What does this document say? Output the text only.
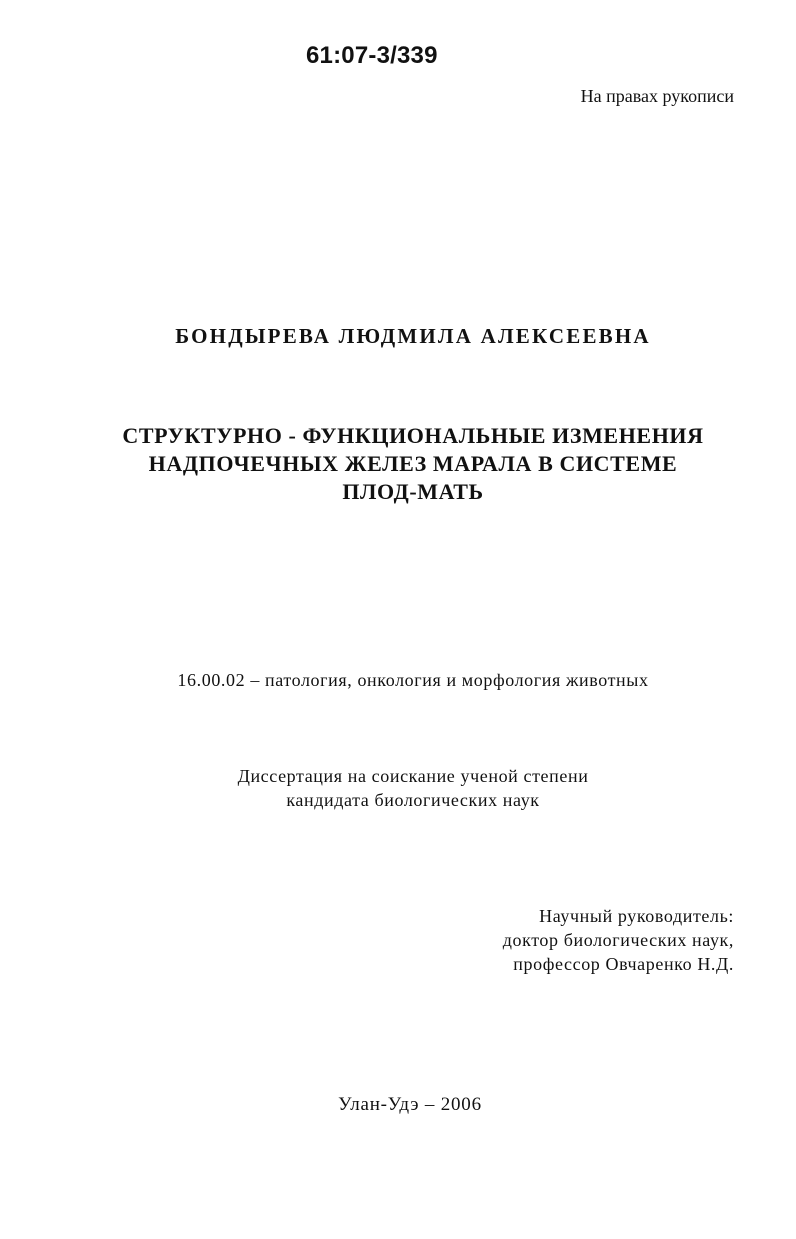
61:07-3/339
На правах рукописи
БОНДЫРЕВА ЛЮДМИЛА АЛЕКСЕЕВНА
СТРУКТУРНО - ФУНКЦИОНАЛЬНЫЕ ИЗМЕНЕНИЯ
НАДПОЧЕЧНЫХ ЖЕЛЕЗ МАРАЛА В СИСТЕМЕ
ПЛОД-МАТЬ
16.00.02 – патология, онкология и морфология животных
Диссертация на соискание ученой степени
кандидата биологических наук
Научный руководитель:
доктор биологических наук,
профессор Овчаренко Н.Д.
Улан-Удэ – 2006
